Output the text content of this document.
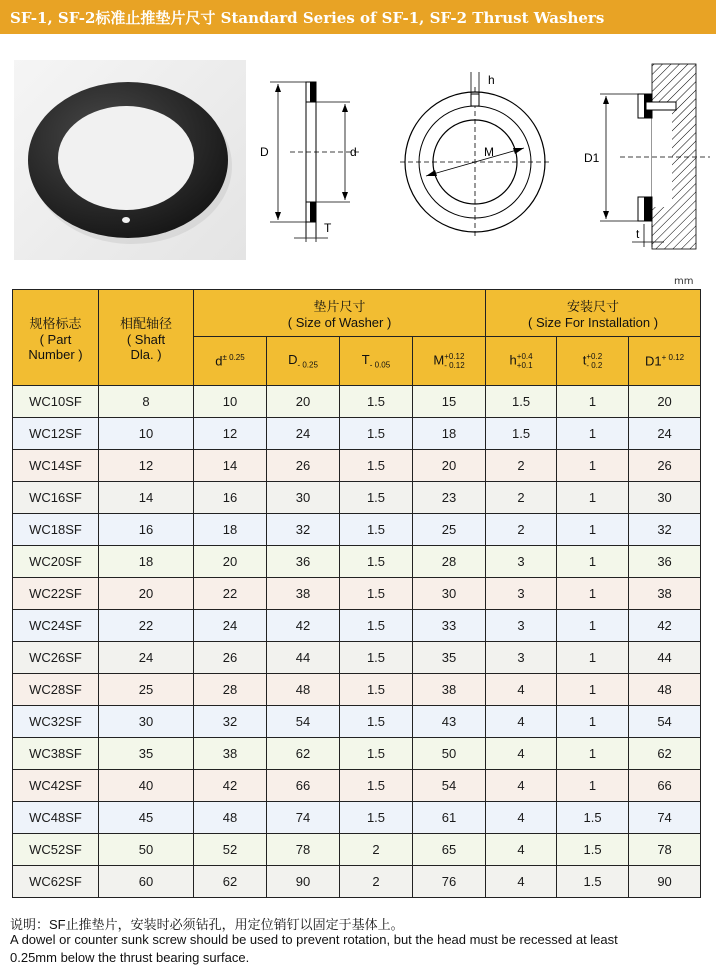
SF-1, SF-2标准止推垫片尺寸 Standard Series of SF-1, SF-2 Thrust Washers
D	d
T
M
h
D1
t
mm
规格标志
( Part
Number )	相配轴径
( Shaft
Dla. )	垫片尺寸
( Size of Washer )				安装尺寸
( Size For Installation )		
		$d^{\pm 0.25}$	$D_{- 0.25}$	$T_{- 0.05}$	M+0.12
- 0.12	h+0.4
+0.1	t+0.2
- 0.2	$D1^{+ 0.12}$
WC10SF	8	10	20	1.5	15	1.5	1	20
WC12SF	10	12	24	1.5	18	1.5	1	24
WC14SF	12	14	26	1.5	20	2	1	26
WC16SF	14	16	30	1.5	23	2	1	30
WC18SF	16	18	32	1.5	25	2	1	32
WC20SF	18	20	36	1.5	28	3	1	36
WC22SF	20	22	38	1.5	30	3	1	38
WC24SF	22	24	42	1.5	33	3	1	42
WC26SF	24	26	44	1.5	35	3	1	44
WC28SF	25	28	48	1.5	38	4	1	48
WC32SF	30	32	54	1.5	43	4	1	54
WC38SF	35	38	62	1.5	50	4	1	62
WC42SF	40	42	66	1.5	54	4	1	66
WC48SF	45	48	74	1.5	61	4	1.5	74
WC52SF	50	52	78	2	65	4	1.5	78
WC62SF	60	62	90	2	76	4	1.5	90
说明：SF止推垫片，安装时必须钻孔，用定位销钉以固定于基体上。
A dowel or counter sunk screw should be used to prevent rotation, but the head must be recessed at least
0.25mm below the thrust bearing surface.
